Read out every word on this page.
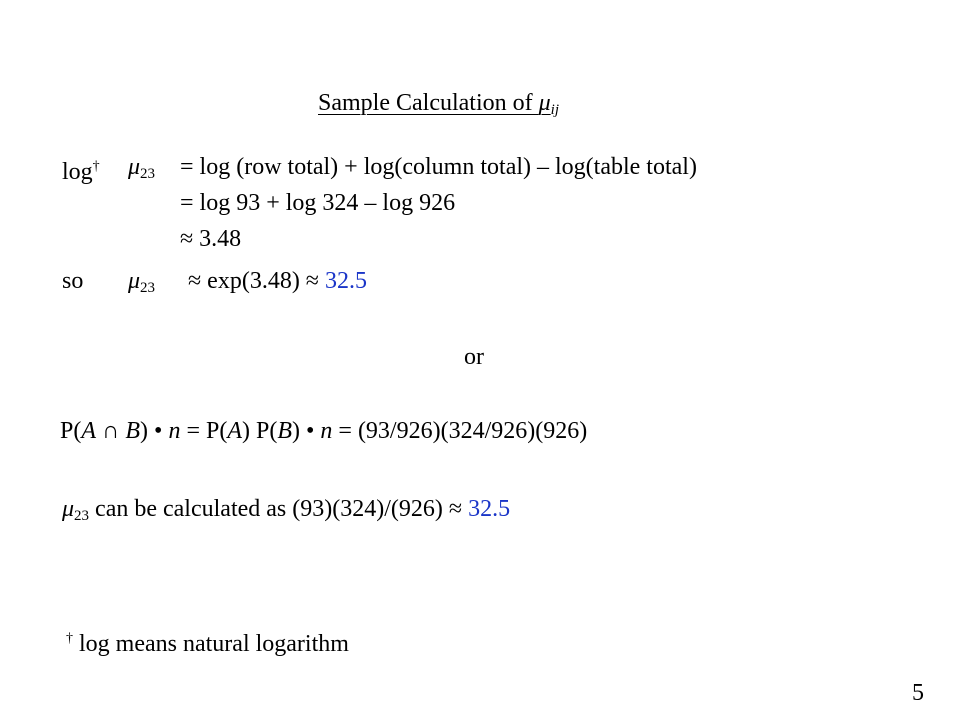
Sample Calculation of $\mu_{ij}$
$\log^\dagger \mu_{23} = \log (row$ total) + log(column total) – log(table total)
= log 93 + log 324 – log 926
≈ 3.48
so $\mu_{23} \approx \exp(3.48) \approx 32.5$
or
P(A ∩ B) • n = P(A) P(B) • n = (93/926)(324/926)(926)
$\mu_{23}$ can be calculated as (93)(324)/(926) ≈ 32.5
† log means natural logarithm
5
